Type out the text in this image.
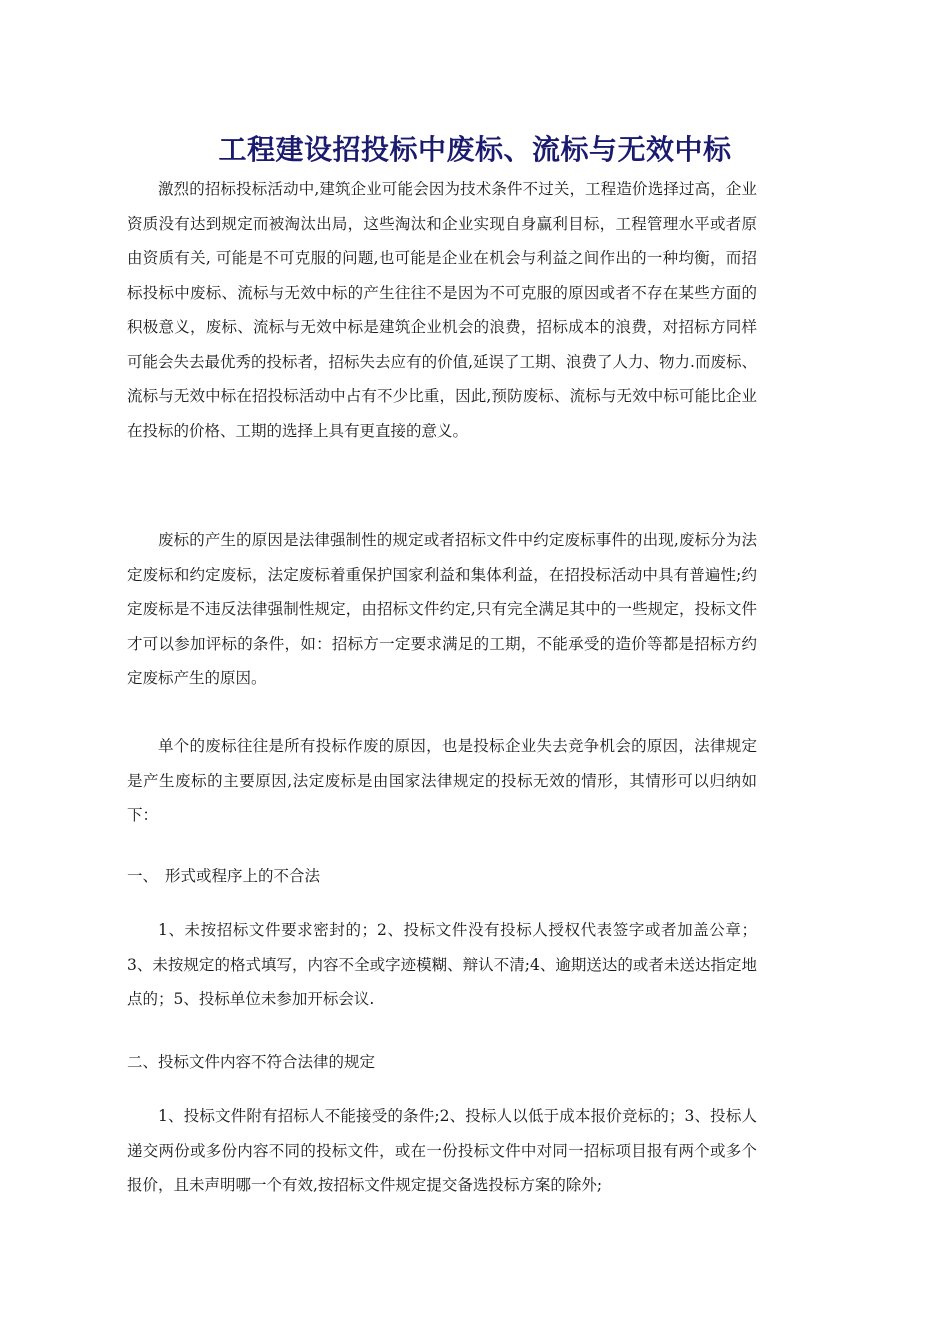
工程建设招投标中废标、流标与无效中标

激烈的招标投标活动中,建筑企业可能会因为技术条件不过关，工程造价选择过高，企业资质没有达到规定而被淘汰出局，这些淘汰和企业实现自身赢利目标，工程管理水平或者原由资质有关, 可能是不可克服的问题,也可能是企业在机会与利益之间作出的一种均衡，而招标投标中废标、流标与无效中标的产生往往不是因为不可克服的原因或者不存在某些方面的积极意义，废标、流标与无效中标是建筑企业机会的浪费，招标成本的浪费，对招标方同样可能会失去最优秀的投标者，招标失去应有的价值,延误了工期、浪费了人力、物力.而废标、流标与无效中标在招投标活动中占有不少比重，因此,预防废标、流标与无效中标可能比企业在投标的价格、工期的选择上具有更直接的意义。

废标的产生的原因是法律强制性的规定或者招标文件中约定废标事件的出现,废标分为法定废标和约定废标，法定废标着重保护国家利益和集体利益，在招投标活动中具有普遍性;约定废标是不违反法律强制性规定，由招标文件约定,只有完全满足其中的一些规定，投标文件才可以参加评标的条件，如：招标方一定要求满足的工期，不能承受的造价等都是招标方约定废标产生的原因。

单个的废标往往是所有投标作废的原因，也是投标企业失去竞争机会的原因，法律规定是产生废标的主要原因,法定废标是由国家法律规定的投标无效的情形，其情形可以归纳如下：

一、 形式或程序上的不合法

1、未按招标文件要求密封的；2、投标文件没有投标人授权代表签字或者加盖公章；3、未按规定的格式填写，内容不全或字迹模糊、辩认不清;4、逾期送达的或者未送达指定地点的；5、投标单位未参加开标会议.

二、投标文件内容不符合法律的规定

1、投标文件附有招标人不能接受的条件;2、投标人以低于成本报价竞标的；3、投标人递交两份或多份内容不同的投标文件，或在一份投标文件中对同一招标项目报有两个或多个报价，且未声明哪一个有效,按招标文件规定提交备选投标方案的除外;
